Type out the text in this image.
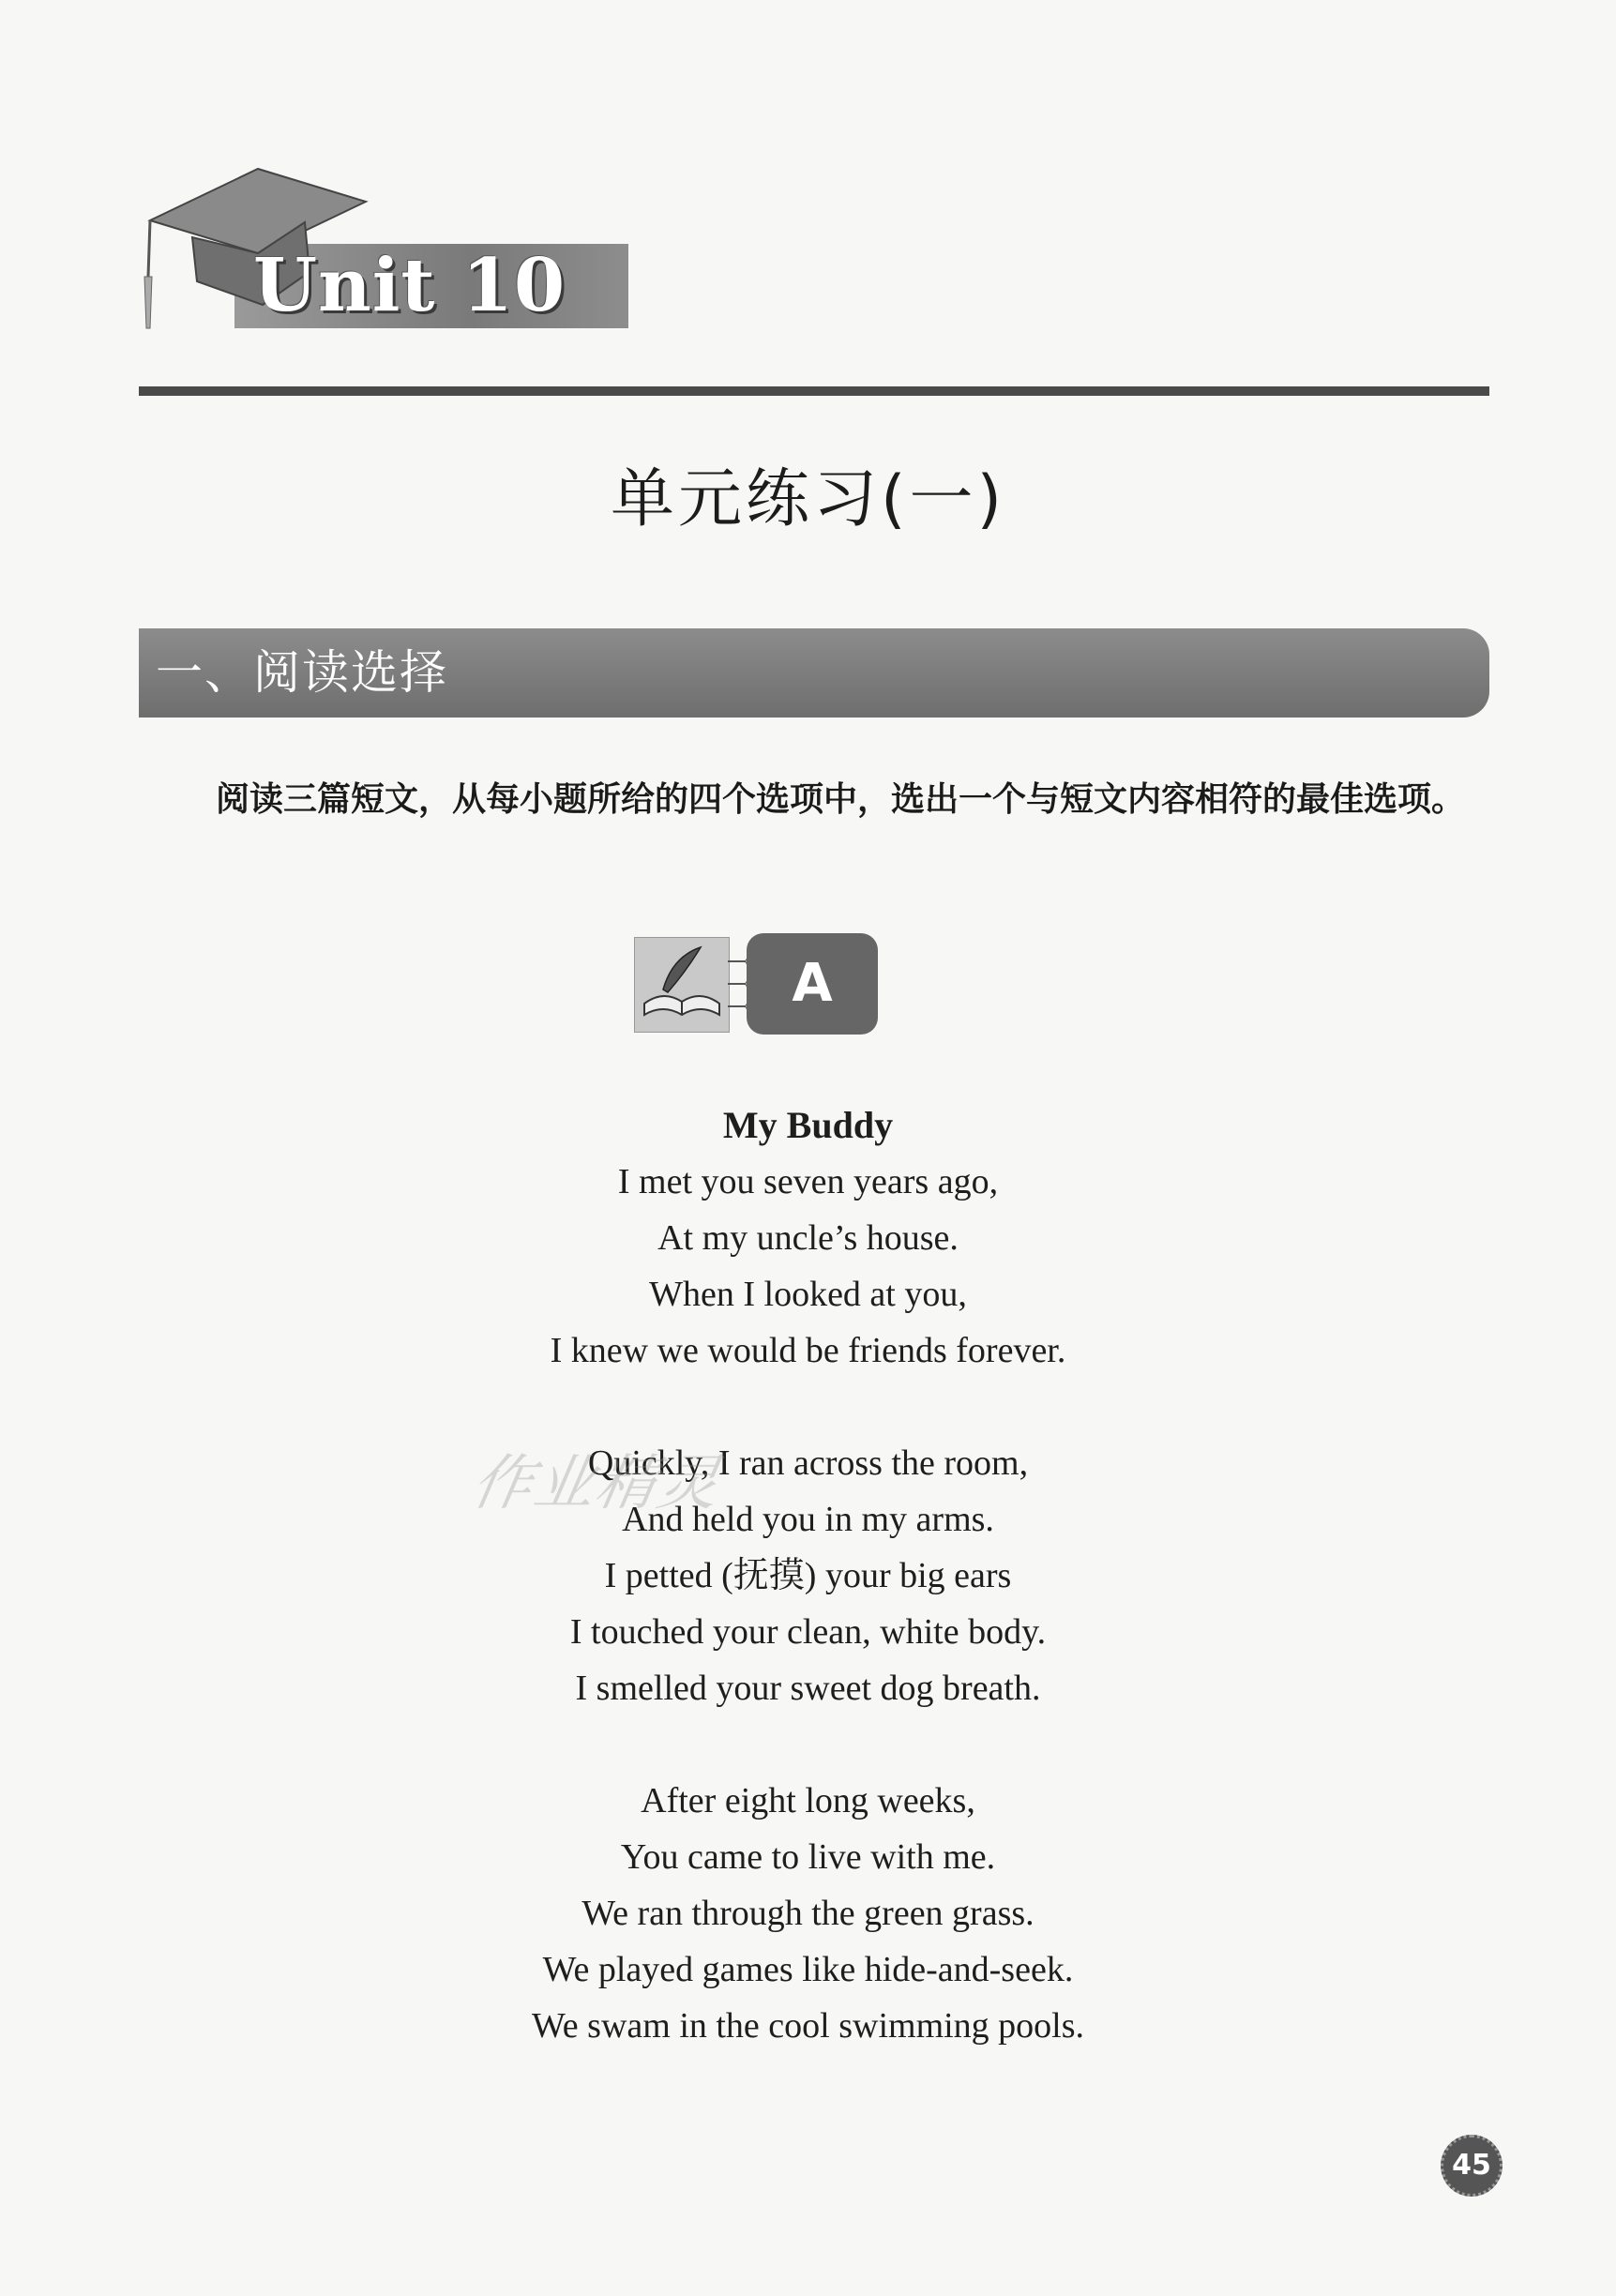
Unit 10
单元练习(一)
一、阅读选择
阅读三篇短文，从每小题所给的四个选项中，选出一个与短文内容相符的最佳选项。
A
My Buddy
I met you seven years ago,
At my uncle’s house.
When I looked at you,
I knew we would be friends forever.
Quickly, I ran across the room,
And held you in my arms.
I petted (抚摸) your big ears
I touched your clean, white body.
I smelled your sweet dog breath.
After eight long weeks,
You came to live with me.
We ran through the green grass.
We played games like hide-and-seek.
We swam in the cool swimming pools.
作业精灵
45
